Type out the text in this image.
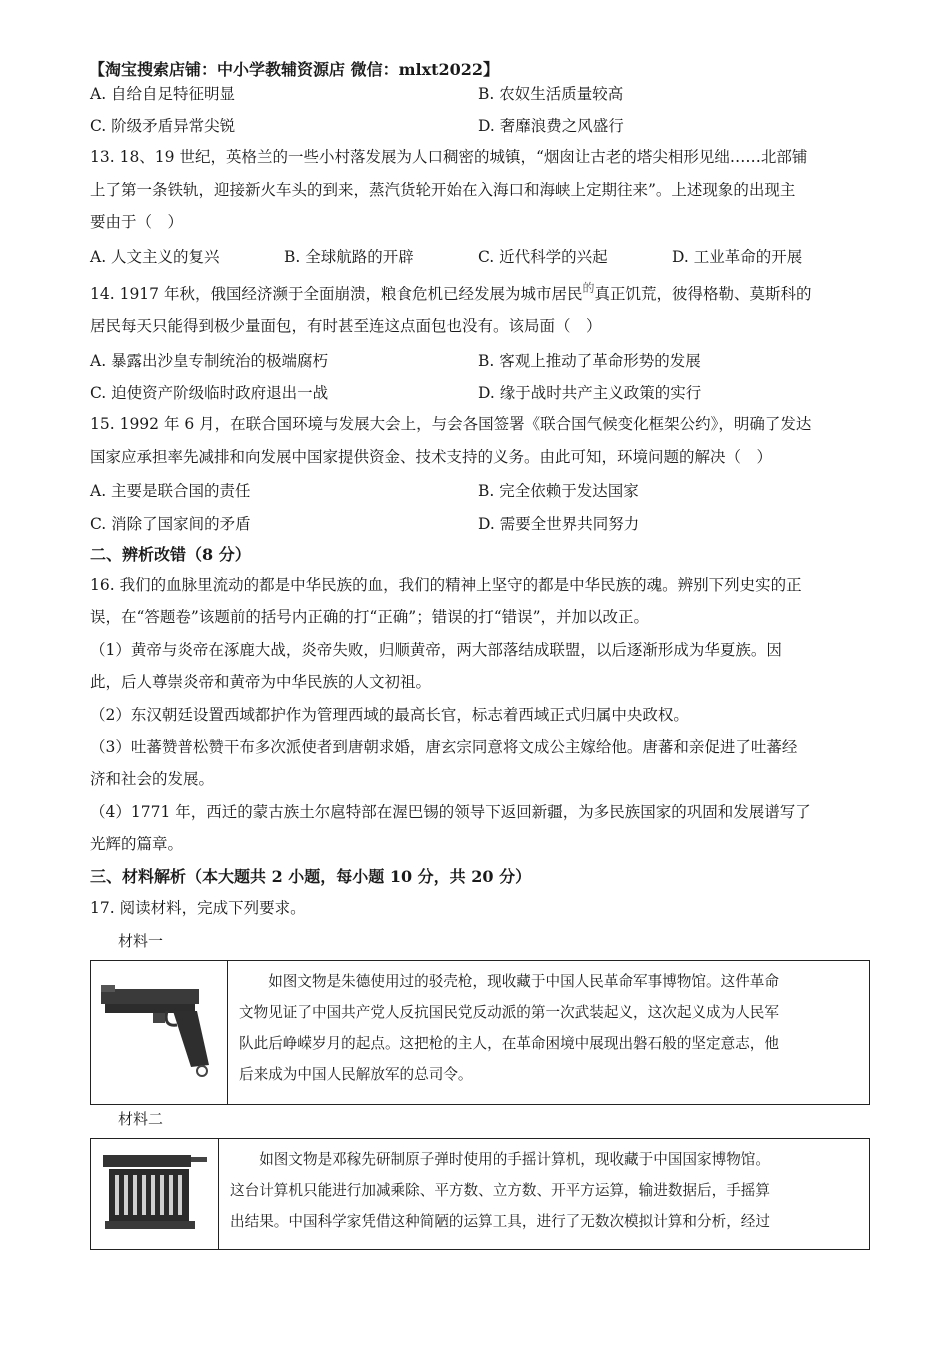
【淘宝搜索店铺：中小学教辅资源店 微信：mlxt2022】
A. 自给自足特征明显	B. 农奴生活质量较高
C. 阶级矛盾异常尖锐	D. 奢靡浪费之风盛行
13. 18、19 世纪，英格兰的一些小村落发展为人口稠密的城镇，“烟囱让古老的塔尖相形见绌……北部铺
上了第一条铁轨，迎接新火车头的到来，蒸汽货轮开始在入海口和海峡上定期往来”。上述现象的出现主
要由于（　）
A. 人文主义的复兴	B. 全球航路的开辟	C. 近代科学的兴起	D. 工业革命的开展
14. 1917 年秋，俄国经济濒于全面崩溃，粮食危机已经发展为城市居民$^的$真正饥荒，彼得格勒、莫斯科的
居民每天只能得到极少量面包，有时甚至连这点面包也没有。该局面（　）
A. 暴露出沙皇专制统治的极端腐朽	B. 客观上推动了革命形势的发展
C. 迫使资产阶级临时政府退出一战	D. 缘于战时共产主义政策的实行
15. 1992 年 6 月，在联合国环境与发展大会上，与会各国签署《联合国气候变化框架公约》，明确了发达
国家应承担率先减排和向发展中国家提供资金、技术支持的义务。由此可知，环境问题的解决（　）
A. 主要是联合国的责任	B. 完全依赖于发达国家
C. 消除了国家间的矛盾	D. 需要全世界共同努力
二、辨析改错（8 分）
16. 我们的血脉里流动的都是中华民族的血，我们的精神上坚守的都是中华民族的魂。辨别下列史实的正
误，在“答题卷”该题前的括号内正确的打“正确”；错误的打“错误”，并加以改正。
（1）黄帝与炎帝在涿鹿大战，炎帝失败，归顺黄帝，两大部落结成联盟，以后逐渐形成为华夏族。因
此，后人尊崇炎帝和黄帝为中华民族的人文初祖。
（2）东汉朝廷设置西域都护作为管理西域的最高长官，标志着西域正式归属中央政权。
（3）吐蕃赞普松赞干布多次派使者到唐朝求婚，唐玄宗同意将文成公主嫁给他。唐蕃和亲促进了吐蕃经
济和社会的发展。
（4）1771 年，西迁的蒙古族土尔扈特部在渥巴锡的领导下返回新疆，为多民族国家的巩固和发展谱写了
光辉的篇章。
三、材料解析（本大题共 2 小题，每小题 10 分，共 20 分）
17. 阅读材料，完成下列要求。
材料一
　　如图文物是朱德使用过的驳壳枪，现收藏于中国人民革命军事博物馆。这件革命
文物见证了中国共产党人反抗国民党反动派的第一次武装起义，这次起义成为人民军
队此后峥嵘岁月的起点。这把枪的主人，在革命困境中展现出磐石般的坚定意志，他
后来成为中国人民解放军的总司令。
材料二
　　如图文物是邓稼先研制原子弹时使用的手摇计算机，现收藏于中国国家博物馆。
这台计算机只能进行加减乘除、平方数、立方数、开平方运算，输进数据后，手摇算
出结果。中国科学家凭借这种简陋的运算工具，进行了无数次模拟计算和分析，经过
